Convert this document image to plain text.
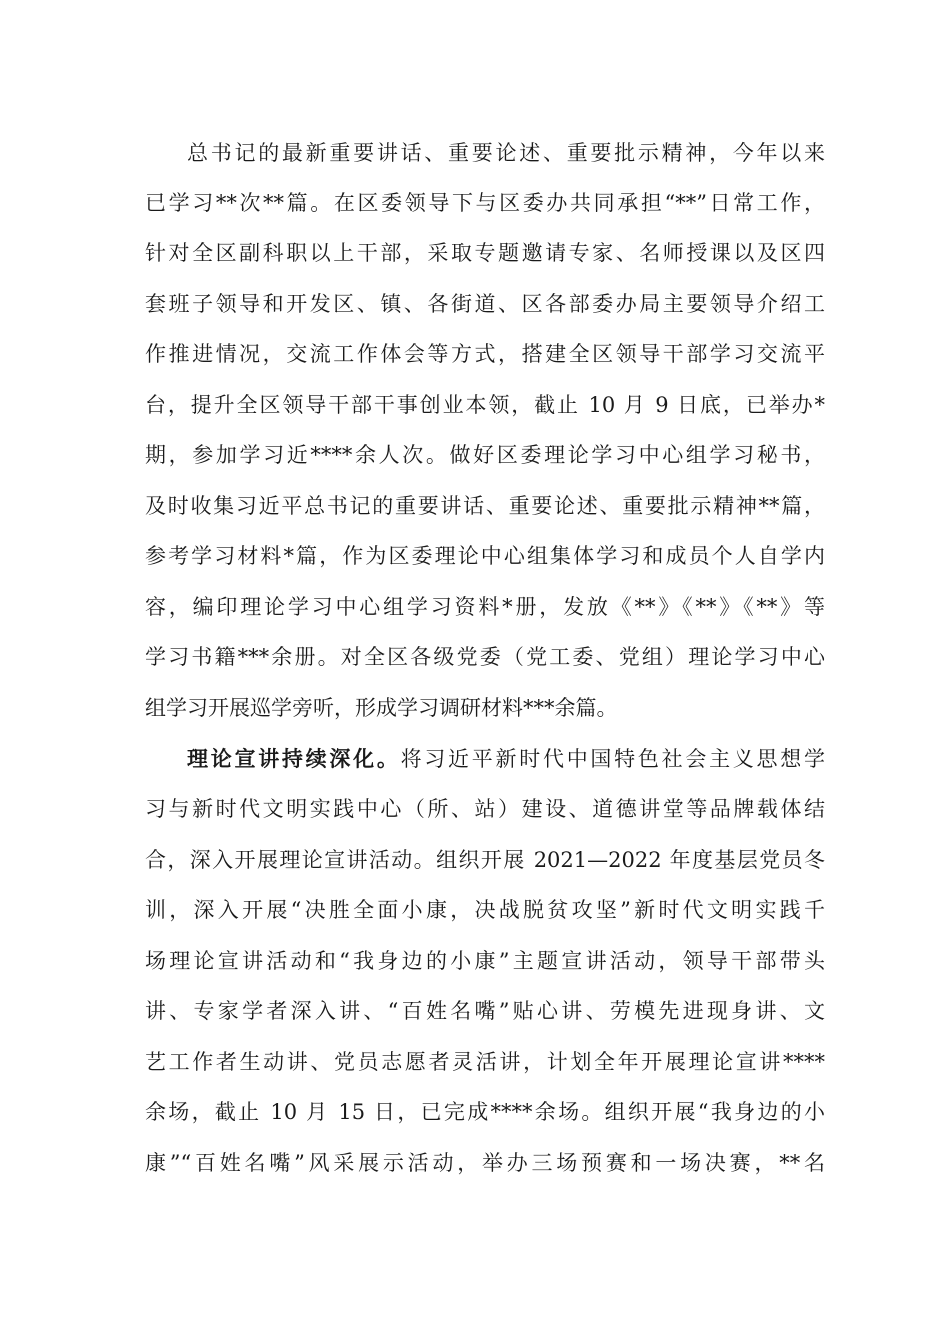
总书记的最新重要讲话、重要论述、重要批示精神，今年以来
已学习**次**篇。在区委领导下与区委办共同承担“**”日常工作，
针对全区副科职以上干部，采取专题邀请专家、名师授课以及区四
套班子领导和开发区、镇、各街道、区各部委办局主要领导介绍工
作推进情况，交流工作体会等方式，搭建全区领导干部学习交流平
台，提升全区领导干部干事创业本领，截止 10 月 9 日底，已举办*
期，参加学习近****余人次。做好区委理论学习中心组学习秘书，
及时收集习近平总书记的重要讲话、重要论述、重要批示精神**篇，
参考学习材料*篇，作为区委理论中心组集体学习和成员个人自学内
容，编印理论学习中心组学习资料*册，发放《**》《**》《**》等
学习书籍***余册。对全区各级党委（党工委、党组）理论学习中心
组学习开展巡学旁听，形成学习调研材料***余篇。
理论宣讲持续深化。将习近平新时代中国特色社会主义思想学
习与新时代文明实践中心（所、站）建设、道德讲堂等品牌载体结
合，深入开展理论宣讲活动。组织开展 2021—2022 年度基层党员冬
训，深入开展“决胜全面小康，决战脱贫攻坚”新时代文明实践千
场理论宣讲活动和“我身边的小康”主题宣讲活动，领导干部带头
讲、专家学者深入讲、“百姓名嘴”贴心讲、劳模先进现身讲、文
艺工作者生动讲、党员志愿者灵活讲，计划全年开展理论宣讲****
余场，截止 10 月 15 日，已完成****余场。组织开展“我身边的小
康”“百姓名嘴”风采展示活动，举办三场预赛和一场决赛，**名
